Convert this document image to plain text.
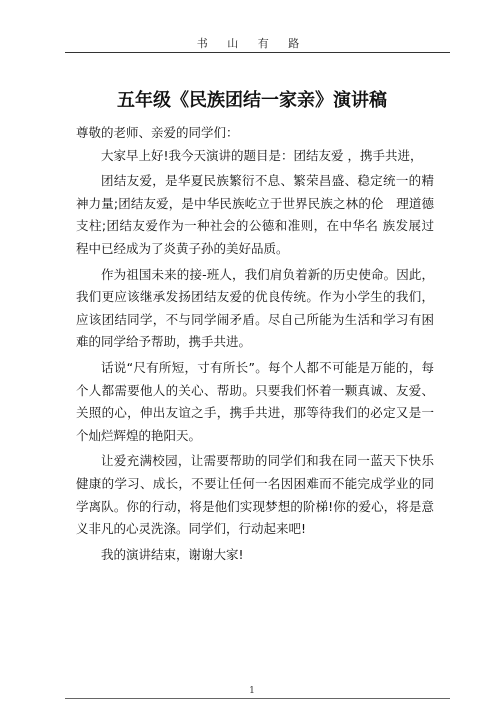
书 山 有 路
五年级《民族团结一家亲》演讲稿

尊敬的老师、亲爱的同学们：

大家早上好!我今天演讲的题目是：团结友爱 ，携手共进，

团结友爱，是华夏民族繁衍不息、繁荣昌盛、稳定统一的精神力量;团结友爱，是中华民族屹立于世界民族之林的伦　理道德支柱;团结友爱作为一种社会的公德和准则，在中华名 族发展过程中已经成为了炎黄子孙的美好品质。

作为祖国未来的接-班人，我们肩负着新的历史使命。因此，我们更应该继承发扬团结友爱的优良传统。作为小学生的我们，应该团结同学，不与同学闹矛盾。尽自己所能为生活和学习有困难的同学给予帮助，携手共进。

话说“尺有所短，寸有所长”。每个人都不可能是万能的，每个人都需要他人的关心、帮助。只要我们怀着一颗真诚、友爱、关照的心，伸出友谊之手，携手共进，那等待我们的必定又是一个灿烂辉煌的艳阳天。

让爱充满校园，让需要帮助的同学们和我在同一蓝天下快乐健康的学习、成长，不要让任何一名因困难而不能完成学业的同学离队。你的行动，将是他们实现梦想的阶梯!你的爱心，将是意义非凡的心灵洗涤。同学们，行动起来吧!

我的演讲结束，谢谢大家!

1
